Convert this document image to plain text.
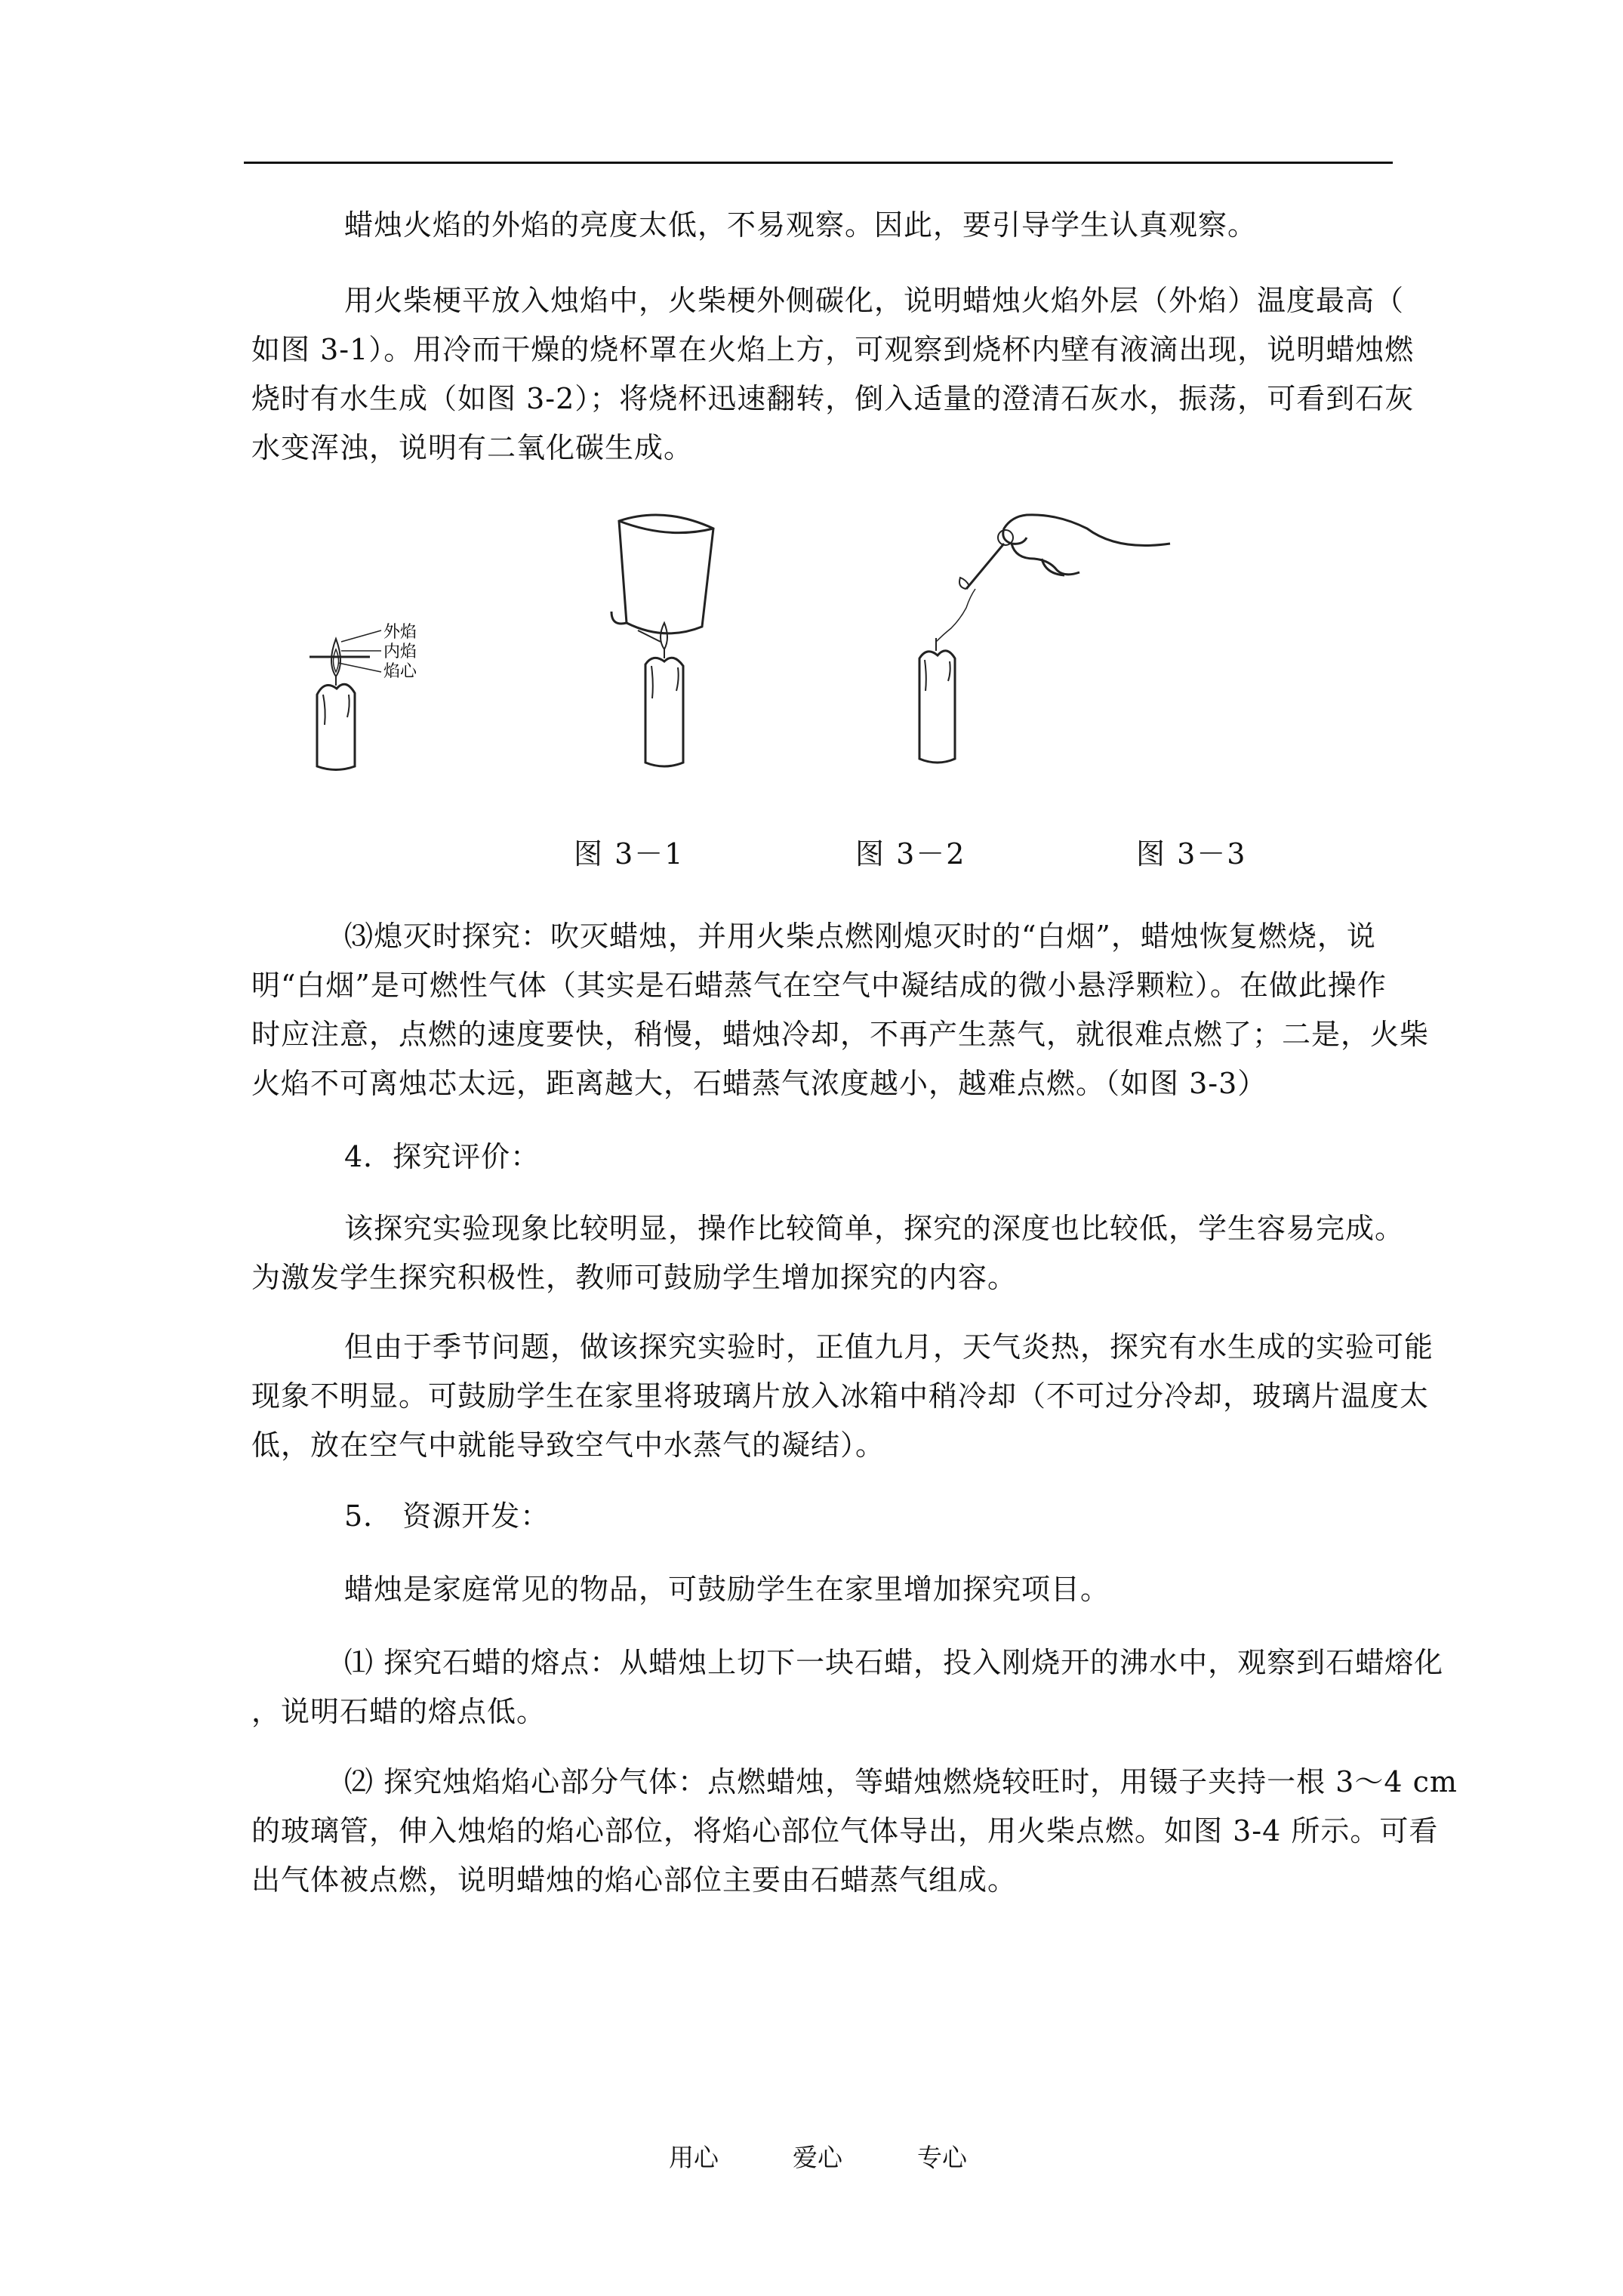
蜡烛火焰的外焰的亮度太低，不易观察。因此，要引导学生认真观察。
用火柴梗平放入烛焰中，火柴梗外侧碳化，说明蜡烛火焰外层（外焰）温度最高（
如图 3-1）。用冷而干燥的烧杯罩在火焰上方，可观察到烧杯内壁有液滴出现，说明蜡烛燃
烧时有水生成（如图 3-2）；将烧杯迅速翻转，倒入适量的澄清石灰水，振荡，可看到石灰
水变浑浊，说明有二氧化碳生成。
外焰
内焰
焰心
图 3－1	图 3－2	图 3－3
⑶熄灭时探究：吹灭蜡烛，并用火柴点燃刚熄灭时的“白烟”，蜡烛恢复燃烧，说
明“白烟”是可燃性气体（其实是石蜡蒸气在空气中凝结成的微小悬浮颗粒）。在做此操作
时应注意，点燃的速度要快，稍慢，蜡烛冷却，不再产生蒸气，就很难点燃了；二是，火柴
火焰不可离烛芯太远，距离越大，石蜡蒸气浓度越小，越难点燃。（如图 3-3）
4．探究评价：
该探究实验现象比较明显，操作比较简单，探究的深度也比较低，学生容易完成。
为激发学生探究积极性，教师可鼓励学生增加探究的内容。
但由于季节问题，做该探究实验时，正值九月，天气炎热，探究有水生成的实验可能
现象不明显。可鼓励学生在家里将玻璃片放入冰箱中稍冷却（不可过分冷却，玻璃片温度太
低，放在空气中就能导致空气中水蒸气的凝结）。
5． 资源开发：
蜡烛是家庭常见的物品，可鼓励学生在家里增加探究项目。
⑴ 探究石蜡的熔点：从蜡烛上切下一块石蜡，投入刚烧开的沸水中，观察到石蜡熔化
，说明石蜡的熔点低。
⑵ 探究烛焰焰心部分气体：点燃蜡烛，等蜡烛燃烧较旺时，用镊子夹持一根 3～4 cm
的玻璃管，伸入烛焰的焰心部位，将焰心部位气体导出，用火柴点燃。如图 3-4 所示。可看
出气体被点燃，说明蜡烛的焰心部位主要由石蜡蒸气组成。
用心	爱心	专心
